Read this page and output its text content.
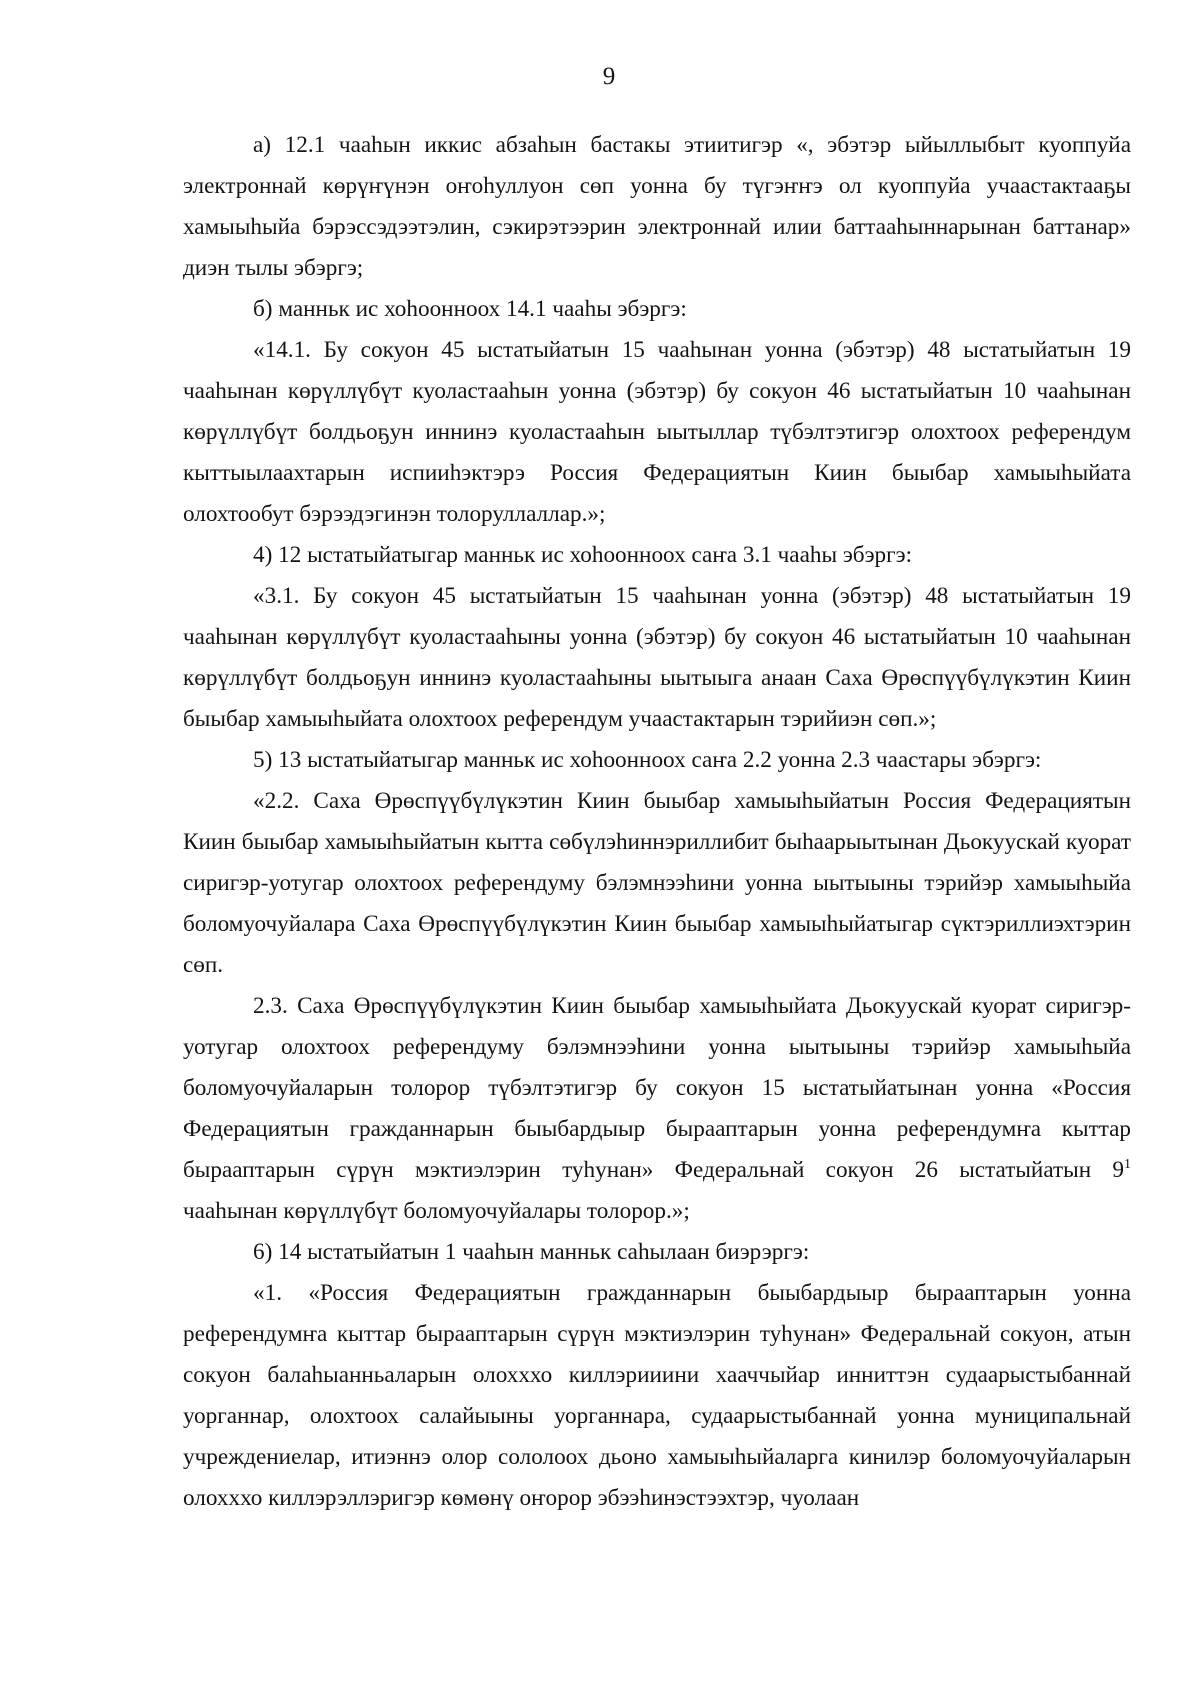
9

а) 12.1 чааһын иккис абзаһын бастакы этиитигэр «, эбэтэр ыйыллыбыт куоппуйа электроннай көрүҥүнэн оҥоһуллуон сөп уонна бу түгэҥҥэ ол куоппуйа учаастактааҕы хамыыһыйа бэрэссэдээтэлин, сэкирэтээрин электроннай илии баттааһыннарынан баттанар» диэн тылы эбэргэ;

б) манньк ис хоһоонноох 14.1 чааһы эбэргэ:

«14.1. Бу сокуон 45 ыстатыйатын 15 чааһынан уонна (эбэтэр) 48 ыстатыйатын 19 чааһынан көрүллүбүт куоластааһын уонна (эбэтэр) бу сокуон 46 ыстатыйатын 10 чааһынан көрүллүбүт болдьоҕун иннинэ куоластааһын ыытыллар түбэлтэтигэр олохтоох референдум кыттыылаахтарын испииһэктэрэ Россия Федерациятын Киин быыбар хамыыһыйата олохтообут бэрээдэгинэн толоруллаллар.»;

4) 12 ыстатыйатыгар манньк ис хоһоонноох саҥа 3.1 чааһы эбэргэ:

«3.1. Бу сокуон 45 ыстатыйатын 15 чааһынан уонна (эбэтэр) 48 ыстатыйатын 19 чааһынан көрүллүбүт куоластааһыны уонна (эбэтэр) бу сокуон 46 ыстатыйатын 10 чааһынан көрүллүбүт болдьоҕун иннинэ куоластааһыны ыытыыга анаан Саха Өрөспүүбүлүкэтин Киин быыбар хамыыһыйата олохтоох референдум учаастактарын тэрийиэн сөп.»;

5) 13 ыстатыйатыгар манньк ис хоһоонноох саҥа 2.2 уонна 2.3 чаастары эбэргэ:

«2.2. Саха Өрөспүүбүлүкэтин Киин быыбар хамыыһыйатын Россия Федерациятын Киин быыбар хамыыһыйатын кытта сөбүлэһиннэриллибит быһаарыытынан Дьокуускай куорат сиригэр-уотугар олохтоох референдуму бэлэмнээһини уонна ыытыыны тэрийэр хамыыһыйа боломуочуйалара Саха Өрөспүүбүлүкэтин Киин быыбар хамыыһыйатыгар сүктэриллиэхтэрин сөп.

2.3. Саха Өрөспүүбүлүкэтин Киин быыбар хамыыһыйата Дьокуускай куорат сиригэр-уотугар олохтоох референдуму бэлэмнээһини уонна ыытыыны тэрийэр хамыыһыйа боломуочуйаларын толорор түбэлтэтигэр бу сокуон 15 ыстатыйатынан уонна «Россия Федерациятын гражданнарын быыбардыыр бырааптарын уонна референдумҥа кыттар бырааптарын сүрүн мэктиэлэрин туһунан» Федеральнай сокуон 26 ыстатыйатын $9^1$

чааһынан көрүллүбүт боломуочуйалары толорор.»;

6) 14 ыстатыйатын 1 чааһын манньк саһылаан биэрэргэ:

«1. «Россия Федерациятын гражданнарын быыбардыыр бырааптарын уонна референдумҥа кыттар бырааптарын сүрүн мэктиэлэрин туһунан» Федеральнай сокуон, атын сокуон балаһыанньаларын олохххо киллэрииини хааччыйар инниттэн судаарыстыбаннай уорганнар, олохтоох салайыыны уорганнара, судаарыстыбаннай уонна муниципальнай учреждениелар, итиэннэ олор сололоох дьоно хамыыһыйаларга кинилэр боломуочуйаларын олохххо киллэрэллэригэр көмөнү оҥорор эбээһинэстээхтэр, чуолаан
